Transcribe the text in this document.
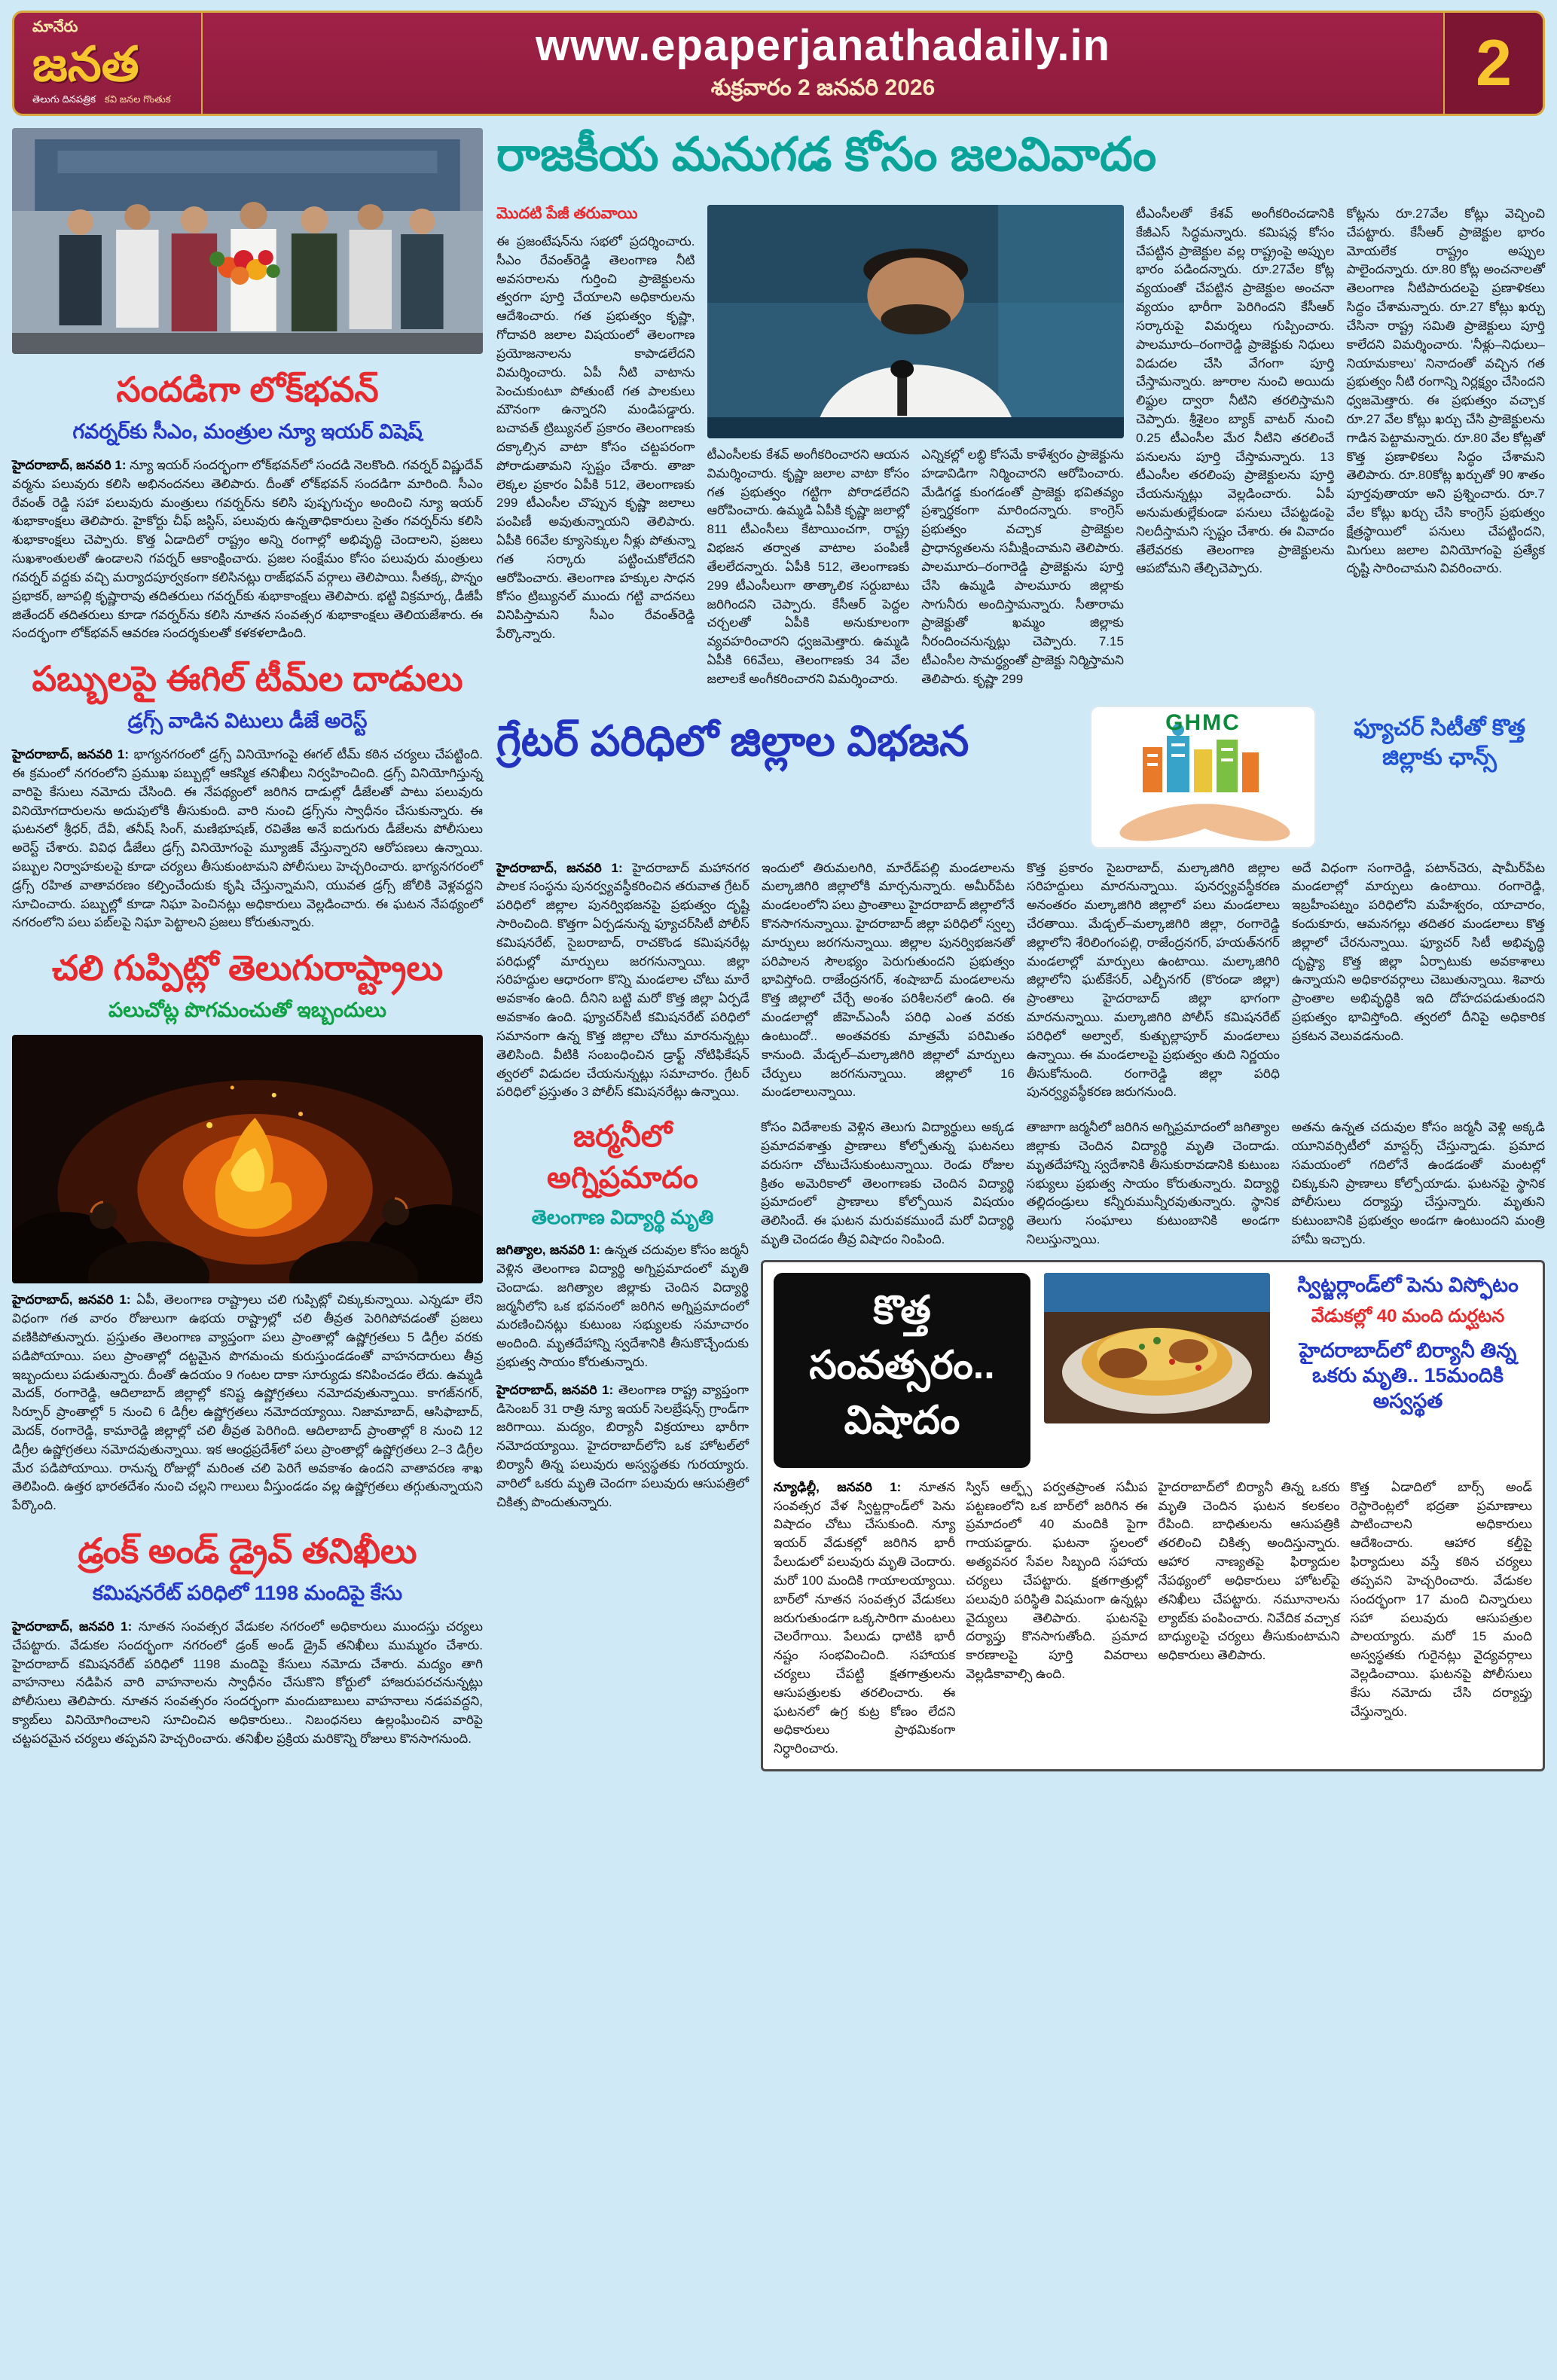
మానేరు
జనత
తెలుగు దినపత్రిక కవి జనల గొంతుక
www.epaperjanathadaily.in
శుక్రవారం 2 జనవరి 2026	2
సందడిగా లోక్‌భవన్
గవర్నర్‌కు సీఎం, మంత్రుల న్యూ ఇయర్ విషెష్

హైదరాబాద్, జనవరి 1: న్యూ ఇయర్ సందర్భంగా లోక్‌భవన్‌లో సందడి నెలకొంది. గవర్నర్ విష్ణుదేవ్ వర్మను పలువురు కలిసి అభినందనలు తెలిపారు. దీంతో లోక్‌భవన్ సందడిగా మారింది. సీఎం రేవంత్ రెడ్డి సహా పలువురు మంత్రులు గవర్నర్‌ను కలిసి పుష్పగుచ్ఛం అందించి న్యూ ఇయర్ శుభాకాంక్షలు తెలిపారు. హైకోర్టు చీఫ్ జస్టిస్, పలువురు ఉన్నతాధికారులు సైతం గవర్నర్‌ను కలిసి శుభాకాంక్షలు చెప్పారు. కొత్త ఏడాదిలో రాష్ట్రం అన్ని రంగాల్లో అభివృద్ధి చెందాలని, ప్రజలు సుఖశాంతులతో ఉండాలని గవర్నర్ ఆకాంక్షించారు. ప్రజల సంక్షేమం కోసం పలువురు మంత్రులు గవర్నర్ వద్దకు వచ్చి మర్యాదపూర్వకంగా కలిసినట్లు రాజ్‌భవన్ వర్గాలు తెలిపాయి. సీతక్క, పొన్నం ప్రభాకర్, జూపల్లి కృష్ణారావు తదితరులు గవర్నర్‌కు శుభాకాంక్షలు తెలిపారు. భట్టి విక్రమార్క, డీజీపీ జితేందర్ తదితరులు కూడా గవర్నర్‌ను కలిసి నూతన సంవత్సర శుభాకాంక్షలు తెలియజేశారు. ఈ సందర్భంగా లోక్‌భవన్ ఆవరణ సందర్శకులతో కళకళలాడింది.

పబ్బులపై ఈగిల్ టీమ్‌ల దాడులు
డ్రగ్స్ వాడిన విటులు డీజే అరెస్ట్

హైదరాబాద్, జనవరి 1: భాగ్యనగరంలో డ్రగ్స్ వినియోగంపై ఈగల్ టీమ్ కఠిన చర్యలు చేపట్టింది. ఈ క్రమంలో నగరంలోని ప్రముఖ పబ్బుల్లో ఆకస్మిక తనిఖీలు నిర్వహించింది. డ్రగ్స్ వినియోగిస్తున్న వారిపై కేసులు నమోదు చేసింది. ఈ నేపథ్యంలో జరిగిన దాడుల్లో డీజేలతో పాటు పలువురు వినియోగదారులను అదుపులోకి తీసుకుంది. వారి నుంచి డ్రగ్స్‌ను స్వాధీనం చేసుకున్నారు. ఈ ఘటనలో శ్రీధర్, దేవీ, తనీష్ సింగ్, మణిభూషణ్, రవితేజ అనే ఐదుగురు డీజేలను పోలీసులు అరెస్ట్ చేశారు. వివిధ డీజేలు డ్రగ్స్ వినియోగంపై మ్యూజిక్ వేస్తున్నారని ఆరోపణలు ఉన్నాయి. పబ్బుల నిర్వాహకులపై కూడా చర్యలు తీసుకుంటామని పోలీసులు హెచ్చరించారు. భాగ్యనగరంలో డ్రగ్స్ రహిత వాతావరణం కల్పించేందుకు కృషి చేస్తున్నామని, యువత డ్రగ్స్ జోలికి వెళ్లవద్దని సూచించారు. పబ్బుల్లో కూడా నిఘా పెంచినట్లు అధికారులు వెల్లడించారు. ఈ ఘటన నేపథ్యంలో నగరంలోని పలు పబ్‌లపై నిఘా పెట్టాలని ప్రజలు కోరుతున్నారు.

చలి గుప్పిట్లో తెలుగురాష్ట్రాలు
పలుచోట్ల పొగమంచుతో ఇబ్బందులు

హైదరాబాద్, జనవరి 1: ఏపీ, తెలంగాణ రాష్ట్రాలు చలి గుప్పిట్లో చిక్కుకున్నాయి. ఎన్నడూ లేని విధంగా గత వారం రోజులుగా ఉభయ రాష్ట్రాల్లో చలి తీవ్రత పెరిగిపోవడంతో ప్రజలు వణికిపోతున్నారు. ప్రస్తుతం తెలంగాణ వ్యాప్తంగా పలు ప్రాంతాల్లో ఉష్ణోగ్రతలు 5 డిగ్రీల వరకు పడిపోయాయి. పలు ప్రాంతాల్లో దట్టమైన పొగమంచు కురుస్తుండడంతో వాహనదారులు తీవ్ర ఇబ్బందులు పడుతున్నారు. దీంతో ఉదయం 9 గంటల దాకా సూర్యుడు కనిపించడం లేదు. ఉమ్మడి మెదక్, రంగారెడ్డి, ఆదిలాబాద్ జిల్లాల్లో కనిష్ట ఉష్ణోగ్రతలు నమోదవుతున్నాయి. కాగజ్‌నగర్, సిర్పూర్ ప్రాంతాల్లో 5 నుంచి 6 డిగ్రీల ఉష్ణోగ్రతలు నమోదయ్యాయి. నిజామాబాద్, ఆసిఫాబాద్, మెదక్, రంగారెడ్డి, కామారెడ్డి జిల్లాల్లో చలి తీవ్రత పెరిగింది. ఆదిలాబాద్ ప్రాంతాల్లో 8 నుంచి 12 డిగ్రీల ఉష్ణోగ్రతలు నమోదవుతున్నాయి. ఇక ఆంధ్రప్రదేశ్‌లో పలు ప్రాంతాల్లో ఉష్ణోగ్రతలు 2–3 డిగ్రీల మేర పడిపోయాయి. రానున్న రోజుల్లో మరింత చలి పెరిగే అవకాశం ఉందని వాతావరణ శాఖ తెలిపింది. ఉత్తర భారతదేశం నుంచి చల్లని గాలులు వీస్తుండడం వల్ల ఉష్ణోగ్రతలు తగ్గుతున్నాయని పేర్కొంది.

డ్రంక్ అండ్ డ్రైవ్ తనిఖీలు
కమిషనరేట్ పరిధిలో 1198 మందిపై కేసు

హైదరాబాద్, జనవరి 1: నూతన సంవత్సర వేడుకల నగరంలో అధికారులు ముందస్తు చర్యలు చేపట్టారు. వేడుకల సందర్భంగా నగరంలో డ్రంక్ అండ్ డ్రైవ్ తనిఖీలు ముమ్మరం చేశారు. హైదరాబాద్ కమిషనరేట్ పరిధిలో 1198 మందిపై కేసులు నమోదు చేశారు. మద్యం తాగి వాహనాలు నడిపిన వారి వాహనాలను స్వాధీనం చేసుకొని కోర్టులో హాజరుపరచనున్నట్లు పోలీసులు తెలిపారు. నూతన సంవత్సరం సందర్భంగా మందుబాబులు వాహనాలు నడపవద్దని, క్యాబ్‌లు వినియోగించాలని సూచించిన అధికారులు.. నిబంధనలు ఉల్లంఘించిన వారిపై చట్టపరమైన చర్యలు తప్పవని హెచ్చరించారు. తనిఖీల ప్రక్రియ మరికొన్ని రోజులు కొనసాగనుంది.

రాజకీయ మనుగడ కోసం జలవివాదం
మొదటి పేజీ తరువాయి

ఈ ప్రజంటేషన్‌ను సభలో ప్రదర్శించారు. సీఎం రేవంత్‌రెడ్డి తెలంగాణ నీటి అవసరాలను గుర్తించి ప్రాజెక్టులను త్వరగా పూర్తి చేయాలని అధికారులను ఆదేశించారు. గత ప్రభుత్వం కృష్ణా, గోదావరి జలాల విషయంలో తెలంగాణ ప్రయోజనాలను కాపాడలేదని విమర్శించారు. ఏపీ నీటి వాటాను పెంచుకుంటూ పోతుంటే గత పాలకులు మౌనంగా ఉన్నారని మండిపడ్డారు. బచావత్ ట్రిబ్యునల్ ప్రకారం తెలంగాణకు దక్కాల్సిన వాటా కోసం చట్టపరంగా పోరాడుతామని స్పష్టం చేశారు. తాజా లెక్కల ప్రకారం ఏపీకి 512, తెలంగాణకు 299 టీఎంసీల చొప్పున కృష్ణా జలాలు పంపిణీ అవుతున్నాయని తెలిపారు. ఏపీకి 66వేల క్యూసెక్కుల నీళ్లు పోతున్నా గత సర్కారు పట్టించుకోలేదని ఆరోపించారు. తెలంగాణ హక్కుల సాధన కోసం ట్రిబ్యునల్ ముందు గట్టి వాదనలు వినిపిస్తామని సీఎం రేవంత్‌రెడ్డి పేర్కొన్నారు.

టీఎంసీలకు కేశవ్ అంగీకరించారని ఆయన విమర్శించారు. కృష్ణా జలాల వాటా కోసం గత ప్రభుత్వం గట్టిగా పోరాడలేదని ఆరోపించారు. ఉమ్మడి ఏపీకి కృష్ణా జలాల్లో 811 టీఎంసీలు కేటాయించగా, రాష్ట్ర విభజన తర్వాత వాటాల పంపిణీ తేలలేదన్నారు. ఏపీకి 512, తెలంగాణకు 299 టీఎంసీలుగా తాత్కాలిక సర్దుబాటు జరిగిందని చెప్పారు. కేసీఆర్ పెద్దల చర్చలతో ఏపీకి అనుకూలంగా వ్యవహరించారని ధ్వజమెత్తారు. ఉమ్మడి ఏపీకి 66వేలు, తెలంగాణకు 34 వేల జలాలకే అంగీకరించారని విమర్శించారు.

ఎన్నికల్లో లబ్ధి కోసమే కాళేశ్వరం ప్రాజెక్టును హడావిడిగా నిర్మించారని ఆరోపించారు. మేడిగడ్డ కుంగడంతో ప్రాజెక్టు భవితవ్యం ప్రశ్నార్థకంగా మారిందన్నారు. కాంగ్రెస్ ప్రభుత్వం వచ్చాక ప్రాజెక్టుల ప్రాధాన్యతలను సమీక్షించామని తెలిపారు. పాలమూరు–రంగారెడ్డి ప్రాజెక్టును పూర్తి చేసి ఉమ్మడి పాలమూరు జిల్లాకు సాగునీరు అందిస్తామన్నారు. సీతారామ ప్రాజెక్టుతో ఖమ్మం జిల్లాకు నీరందించనున్నట్లు చెప్పారు. 7.15 టీఎంసీల సామర్థ్యంతో ప్రాజెక్టు నిర్మిస్తామని తెలిపారు. కృష్ణా 299

టీఎంసీలతో కేశవ్ అంగీకరించడానికి కేజీఎస్ సిద్ధమన్నారు. కమిషన్ల కోసం చేపట్టిన ప్రాజెక్టుల వల్ల రాష్ట్రంపై అప్పుల భారం పడిందన్నారు. రూ.27వేల కోట్ల వ్యయంతో చేపట్టిన ప్రాజెక్టుల అంచనా వ్యయం భారీగా పెరిగిందని కేసీఆర్ సర్కారుపై విమర్శలు గుప్పించారు. పాలమూరు–రంగారెడ్డి ప్రాజెక్టుకు నిధులు విడుదల చేసి వేగంగా పూర్తి చేస్తామన్నారు. జూరాల నుంచి అయిదు లిఫ్టుల ద్వారా నీటిని తరలిస్తామని చెప్పారు. శ్రీశైలం బ్యాక్ వాటర్ నుంచి 0.25 టీఎంసీల మేర నీటిని తరలించే పనులను పూర్తి చేస్తామన్నారు. 13 టీఎంసీల తరలింపు ప్రాజెక్టులను పూర్తి చేయనున్నట్లు వెల్లడించారు. ఏపీ అనుమతుల్లేకుండా పనులు చేపట్టడంపై నిలదీస్తామని స్పష్టం చేశారు. ఈ వివాదం తేలేవరకు తెలంగాణ ప్రాజెక్టులను ఆపబోమని తేల్చిచెప్పారు.

కోట్లను రూ.27వేల కోట్లు వెచ్చించి చేపట్టారు. కేసీఆర్ ప్రాజెక్టుల భారం మోయలేక రాష్ట్రం అప్పుల పాలైందన్నారు. రూ.80 కోట్ల అంచనాలతో తెలంగాణ నీటిపారుదలపై ప్రణాళికలు సిద్ధం చేశామన్నారు. రూ.27 కోట్లు ఖర్చు చేసినా రాష్ట్ర సమితి ప్రాజెక్టులు పూర్తి కాలేదని విమర్శించారు. 'నీళ్లు–నిధులు–నియామకాలు' నినాదంతో వచ్చిన గత ప్రభుత్వం నీటి రంగాన్ని నిర్లక్ష్యం చేసిందని ధ్వజమెత్తారు. ఈ ప్రభుత్వం వచ్చాక రూ.27 వేల కోట్లు ఖర్చు చేసి ప్రాజెక్టులను గాడిన పెట్టామన్నారు. రూ.80 వేల కోట్లతో కొత్త ప్రణాళికలు సిద్ధం చేశామని తెలిపారు. రూ.80కోట్ల ఖర్చుతో 90 శాతం పూర్తవుతాయా అని ప్రశ్నించారు. రూ.7 వేల కోట్లు ఖర్చు చేసి కాంగ్రెస్ ప్రభుత్వం క్షేత్రస్థాయిలో పనులు చేపట్టిందని, మిగులు జలాల వినియోగంపై ప్రత్యేక దృష్టి సారించామని వివరించారు.

గ్రేటర్ పరిధిలో జిల్లాల విభజన	GHMC	ఫ్యూచర్ సిటీతో కొత్త జిల్లాకు ఛాన్స్

హైదరాబాద్, జనవరి 1: హైదరాబాద్ మహానగర పాలక సంస్థను పునర్వ్యవస్థీకరించిన తరువాత గ్రేటర్ పరిధిలో జిల్లాల పునర్విభజనపై ప్రభుత్వం దృష్టి సారించింది. కొత్తగా ఏర్పడనున్న ఫ్యూచర్‌సిటీ పోలీస్ కమిషనరేట్, సైబరాబాద్, రాచకొండ కమిషనరేట్ల పరిధుల్లో మార్పులు జరగనున్నాయి. జిల్లా సరిహద్దుల ఆధారంగా కొన్ని మండలాల చోటు మారే అవకాశం ఉంది. దీనిని బట్టి మరో కొత్త జిల్లా ఏర్పడే అవకాశం ఉంది. ఫ్యూచర్‌సిటీ కమిషనరేట్ పరిధిలో సమానంగా ఉన్న కొత్త జిల్లాల చోటు మారనున్నట్లు తెలిసింది. వీటికి సంబంధించిన డ్రాఫ్ట్ నోటిఫికేషన్ త్వరలో విడుదల చేయనున్నట్లు సమాచారం. గ్రేటర్ పరిధిలో ప్రస్తుతం 3 పోలీస్ కమిషనరేట్లు ఉన్నాయి.

ఇందులో తిరుమలగిరి, మారేడ్‌పల్లి మండలాలను మల్కాజిగిరి జిల్లాలోకి మార్చనున్నారు. అమీర్‌పేట మండలంలోని పలు ప్రాంతాలు హైదరాబాద్ జిల్లాలోనే కొనసాగనున్నాయి. హైదరాబాద్ జిల్లా పరిధిలో స్వల్ప మార్పులు జరగనున్నాయి. జిల్లాల పునర్విభజనతో పరిపాలన సౌలభ్యం పెరుగుతుందని ప్రభుత్వం భావిస్తోంది. రాజేంద్రనగర్, శంషాబాద్ మండలాలను కొత్త జిల్లాలో చేర్చే అంశం పరిశీలనలో ఉంది. ఈ మండలాల్లో జీహెచ్ఎంసీ పరిధి ఎంత వరకు ఉంటుందో.. అంతవరకు మాత్రమే పరిమితం కానుంది. మేడ్చల్–మల్కాజిగిరి జిల్లాలో మార్పులు చేర్పులు జరగనున్నాయి. జిల్లాలో 16 మండలాలున్నాయి.

కొత్త ప్రకారం సైబరాబాద్, మల్కాజిగిరి జిల్లాల సరిహద్దులు మారనున్నాయి. పునర్వ్యవస్థీకరణ అనంతరం మల్కాజిగిరి జిల్లాలో పలు మండలాలు చేరతాయి. మేడ్చల్–మల్కాజిగిరి జిల్లా, రంగారెడ్డి జిల్లాలోని శేరిలింగంపల్లి, రాజేంద్రనగర్, హయత్‌నగర్ మండలాల్లో మార్పులు ఉంటాయి. మల్కాజిగిరి జిల్లాలోని ఘట్‌కేసర్, ఎల్బీనగర్ (కొరండా జిల్లా) ప్రాంతాలు హైదరాబాద్ జిల్లా భాగంగా మారనున్నాయి. మల్కాజిగిరి పోలీస్ కమిషనరేట్ పరిధిలో అల్వాల్, కుత్బుల్లాపూర్ మండలాలు ఉన్నాయి. ఈ మండలాలపై ప్రభుత్వం తుది నిర్ణయం తీసుకోనుంది. రంగారెడ్డి జిల్లా పరిధి పునర్వ్యవస్థీకరణ జరుగనుంది.

అదే విధంగా సంగారెడ్డి, పటాన్‌చెరు, షామీర్‌పేట మండలాల్లో మార్పులు ఉంటాయి. రంగారెడ్డి, ఇబ్రహీంపట్నం పరిధిలోని మహేశ్వరం, యాచారం, కందుకూరు, ఆమనగల్లు తదితర మండలాలు కొత్త జిల్లాలో చేరనున్నాయి. ఫ్యూచర్ సిటీ అభివృద్ధి దృష్ట్యా కొత్త జిల్లా ఏర్పాటుకు అవకాశాలు ఉన్నాయని అధికారవర్గాలు చెబుతున్నాయి. శివారు ప్రాంతాల అభివృద్ధికి ఇది దోహదపడుతుందని ప్రభుత్వం భావిస్తోంది. త్వరలో దీనిపై అధికారిక ప్రకటన వెలువడనుంది.

జర్మనీలో అగ్నిప్రమాదం
తెలంగాణ విద్యార్థి మృతి

జగిత్యాల, జనవరి 1: ఉన్నత చదువుల కోసం జర్మనీ వెళ్లిన తెలంగాణ విద్యార్థి అగ్నిప్రమాదంలో మృతి చెందాడు. జగిత్యాల జిల్లాకు చెందిన విద్యార్థి జర్మనీలోని ఒక భవనంలో జరిగిన అగ్నిప్రమాదంలో మరణించినట్లు కుటుంబ సభ్యులకు సమాచారం అందింది. మృతదేహాన్ని స్వదేశానికి తీసుకొచ్చేందుకు ప్రభుత్వ సాయం కోరుతున్నారు.

హైదరాబాద్, జనవరి 1: తెలంగాణ రాష్ట్ర వ్యాప్తంగా డిసెంబర్ 31 రాత్రి న్యూ ఇయర్ సెలబ్రేషన్స్ గ్రాండ్‌గా జరిగాయి. మద్యం, బిర్యానీ విక్రయాలు భారీగా నమోదయ్యాయి. హైదరాబాద్‌లోని ఒక హోటల్‌లో బిర్యానీ తిన్న పలువురు అస్వస్థతకు గురయ్యారు. వారిలో ఒకరు మృతి చెందగా పలువురు ఆసుపత్రిలో చికిత్స పొందుతున్నారు.

కోసం విదేశాలకు వెళ్లిన తెలుగు విద్యార్థులు అక్కడ ప్రమాదవశాత్తు ప్రాణాలు కోల్పోతున్న ఘటనలు వరుసగా చోటుచేసుకుంటున్నాయి. రెండు రోజుల క్రితం అమెరికాలో తెలంగాణకు చెందిన విద్యార్థి ప్రమాదంలో ప్రాణాలు కోల్పోయిన విషయం తెలిసిందే. ఈ ఘటన మరువకముందే మరో విద్యార్థి మృతి చెందడం తీవ్ర విషాదం నింపింది.

తాజాగా జర్మనీలో జరిగిన అగ్నిప్రమాదంలో జగిత్యాల జిల్లాకు చెందిన విద్యార్థి మృతి చెందాడు. మృతదేహాన్ని స్వదేశానికి తీసుకురావడానికి కుటుంబ సభ్యులు ప్రభుత్వ సాయం కోరుతున్నారు. విద్యార్థి తల్లిదండ్రులు కన్నీరుమున్నీరవుతున్నారు. స్థానిక తెలుగు సంఘాలు కుటుంబానికి అండగా నిలుస్తున్నాయి.

అతను ఉన్నత చదువుల కోసం జర్మనీ వెళ్లి అక్కడి యూనివర్సిటీలో మాస్టర్స్ చేస్తున్నాడు. ప్రమాద సమయంలో గదిలోనే ఉండడంతో మంటల్లో చిక్కుకుని ప్రాణాలు కోల్పోయాడు. ఘటనపై స్థానిక పోలీసులు దర్యాప్తు చేస్తున్నారు. మృతుని కుటుంబానికి ప్రభుత్వం అండగా ఉంటుందని మంత్రి హామీ ఇచ్చారు.

కొత్త సంవత్సరం.. విషాదం
స్విట్జర్లాండ్‌లో పెను విస్ఫోటం
వేడుకల్లో 40 మంది దుర్ఘటన
హైదరాబాద్‌లో బిర్యానీ తిన్న ఒకరు మృతి.. 15మందికి అస్వస్థత

న్యూఢిల్లీ, జనవరి 1: నూతన సంవత్సర వేళ స్విట్జర్లాండ్‌లో పెను విషాదం చోటు చేసుకుంది. న్యూ ఇయర్ వేడుకల్లో జరిగిన భారీ పేలుడులో పలువురు మృతి చెందారు. మరో 100 మందికి గాయాలయ్యాయి. బార్‌లో నూతన సంవత్సర వేడుకలు జరుగుతుండగా ఒక్కసారిగా మంటలు చెలరేగాయి. పేలుడు ధాటికి భారీ నష్టం సంభవించింది. సహాయక చర్యలు చేపట్టి క్షతగాత్రులను ఆసుపత్రులకు తరలించారు. ఈ ఘటనలో ఉగ్ర కుట్ర కోణం లేదని అధికారులు ప్రాథమికంగా నిర్ధారించారు.

స్విస్ ఆల్ఫ్స్ పర్వతప్రాంత సమీప పట్టణంలోని ఒక బార్‌లో జరిగిన ఈ ప్రమాదంలో 40 మందికి పైగా గాయపడ్డారు. ఘటనా స్థలంలో అత్యవసర సేవల సిబ్బంది సహాయ చర్యలు చేపట్టారు. క్షతగాత్రుల్లో పలువురి పరిస్థితి విషమంగా ఉన్నట్లు వైద్యులు తెలిపారు. ఘటనపై దర్యాప్తు కొనసాగుతోంది. ప్రమాద కారణాలపై పూర్తి వివరాలు వెల్లడికావాల్సి ఉంది.

హైదరాబాద్‌లో బిర్యానీ తిన్న ఒకరు మృతి చెందిన ఘటన కలకలం రేపింది. బాధితులను ఆసుపత్రికి తరలించి చికిత్స అందిస్తున్నారు. ఆహార నాణ్యతపై ఫిర్యాదుల నేపథ్యంలో అధికారులు హోటల్‌పై తనిఖీలు చేపట్టారు. నమూనాలను ల్యాబ్‌కు పంపించారు. నివేదిక వచ్చాక బాధ్యులపై చర్యలు తీసుకుంటామని అధికారులు తెలిపారు.

కొత్త ఏడాదిలో బార్స్ అండ్ రెస్టారెంట్లలో భద్రతా ప్రమాణాలు పాటించాలని అధికారులు ఆదేశించారు. ఆహార కల్తీపై ఫిర్యాదులు వస్తే కఠిన చర్యలు తప్పవని హెచ్చరించారు. వేడుకల సందర్భంగా 17 మంది చిన్నారులు సహా పలువురు ఆసుపత్రుల పాలయ్యారు. మరో 15 మంది అస్వస్థతకు గురైనట్లు వైద్యవర్గాలు వెల్లడించాయి. ఘటనపై పోలీసులు కేసు నమోదు చేసి దర్యాప్తు చేస్తున్నారు.
